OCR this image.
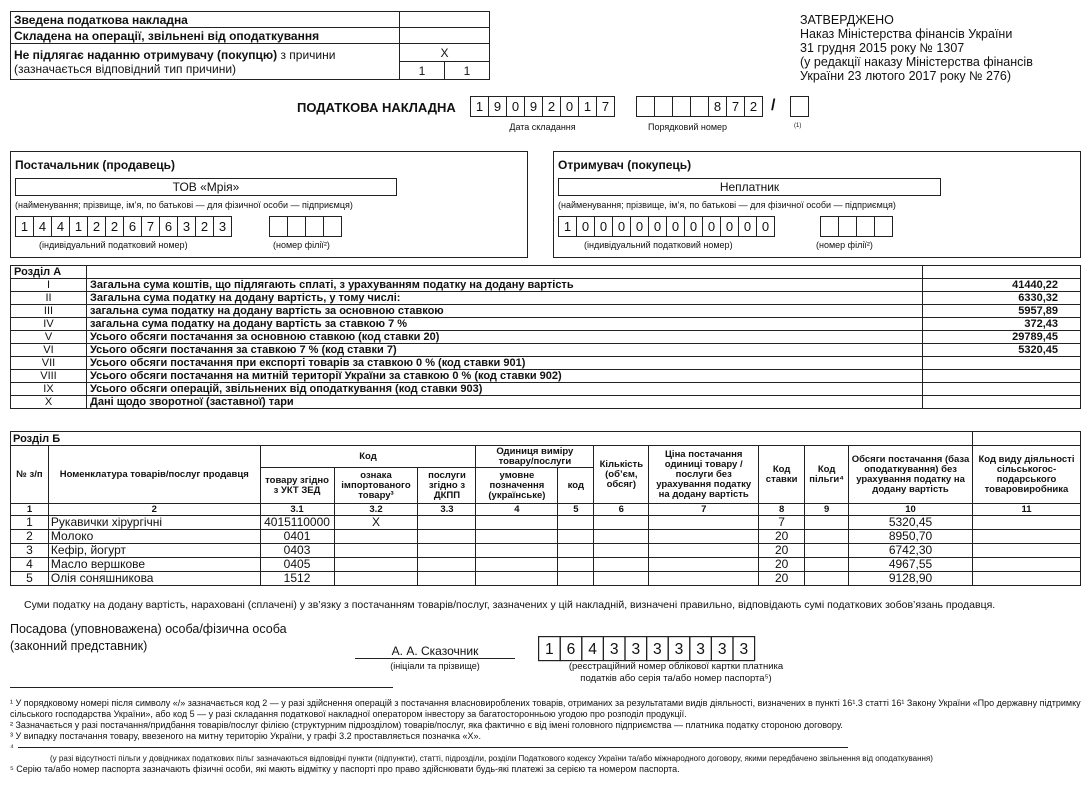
Зведена податкова накладна		
Складена на операції, звільнені від оподаткування		
Не підлягає наданню отримувачу (покупцю) з причини
(зазначається відповідний тип причини)	Х	
	1	1
ЗАТВЕРДЖЕНО
Наказ Міністерства фінансів України
31 грудня 2015 року № 1307
(у редакції наказу Міністерства фінансів
України 23 лютого 2017 року № 276)
ПОДАТКОВА НАКЛАДНА	1 9 0 9 2 0 1 7
Дата складання
8 7 2
Порядковий номер
/
(1)
Постачальник (продавець)
ТОВ «Мрія»
(найменування; прізвище, ім’я, по батькові — для фізичної особи — підприємця)
1 4 4 1 2 2 6 7 6 3 2 3
(індивідуальний податковий номер)	(номер філії²)
Отримувач (покупець)
Неплатник
(найменування; прізвище, ім’я, по батькові — для фізичної особи — підприємця)
1 0 0 0 0 0 0 0 0 0 0 0
(індивідуальний податковий номер)	(номер філії²)
Розділ А		
I	Загальна сума коштів, що підлягають сплаті, з урахуванням податку на додану вартість	41440,22
II	Загальна сума податку на додану вартість, у тому числі:	6330,32
III	загальна сума податку на додану вартість за основною ставкою	5957,89
IV	загальна сума податку на додану вартість за ставкою 7 %	372,43
V	Усього обсяги постачання за основною ставкою (код ставки 20)	29789,45
VI	Усього обсяги постачання за ставкою 7 % (код ставки 7)	5320,45
VII	Усього обсяги постачання при експорті товарів за ставкою 0 % (код ставки 901)	
VIII	Усього обсяги постачання на митній території України за ставкою 0 % (код ставки 902)	
IX	Усього обсяги операцій, звільнених від оподаткування (код ставки 903)	
X	Дані щодо зворотної (заставної) тари	
Розділ Б												
№ з/п	Номенклатура товарів/послуг продавця	Код			Одиниця виміру товару/послуги		Кількість (об’єм, обсяг)	Ціна постачання одиниці товару / послуги без урахування податку на додану вартість	Код ставки	Код пільги⁴	Обсяги постачання (база оподаткування) без урахування податку на додану вартість	Код виду діяльності сільськогос-подарського товаровиробника
		товару згідно з УКТ ЗЕД	ознака імпортованого товару³	послуги згідно з ДКПП	умовне позначення (українське)	код						
1	2	3.1	3.2	3.3	4	5	6	7	8	9	10	11
1	Рукавички хірургічні	4015110000	Х						7		5320,45	
2	Молоко	0401							20		8950,70	
3	Кефір, йогурт	0403							20		6742,30	
4	Масло вершкове	0405							20		4967,55	
5	Олія соняшникова	1512							20		9128,90	
Суми податку на додану вартість, нараховані (сплачені) у зв’язку з постачанням товарів/послуг, зазначених у цій накладній, визначені правильно, відповідають сумі податкових зобов’язань продавця.
Посадова (уповноважена) особа/фізична особа
(законний представник)	А. А. Сказочник
(ініціали та прізвище)
1 6 4 3 3 3 3 3 3 3
(реєстраційний номер облікової картки платника
податків або серія та/або номер паспорта⁵)
¹ У порядковому номері після символу «/» зазначається код 2 — у разі здійснення операцій з постачання власновироблених товарів, отриманих за результатами видів діяльності, визначених в пункті 16¹.3 статті 16¹ Закону України «Про державну підтримку сільського господарства України», або код 5 — у разі складання податкової накладної оператором інвестору за багатосторонньою угодою про розподіл продукції.
² Зазначається у разі постачання/придбання товарів/послуг філією (структурним підрозділом) товарів/послуг, яка фактично є від імені головного підприємства — платника податку стороною договору.
³ У випадку постачання товару, ввезеного на митну територію України, у графі 3.2 проставляється позначка «Х».
⁴
(у разі відсутності пільги у довідниках податкових пільг зазначаються відповідні пункти (підпункти), статті, підрозділи, розділи Податкового кодексу України та/або міжнародного договору, якими передбачено звільнення від оподаткування)
⁵ Серію та/або номер паспорта зазначають фізичні особи, які мають відмітку у паспорті про право здійснювати будь-які платежі за серією та номером паспорта.
